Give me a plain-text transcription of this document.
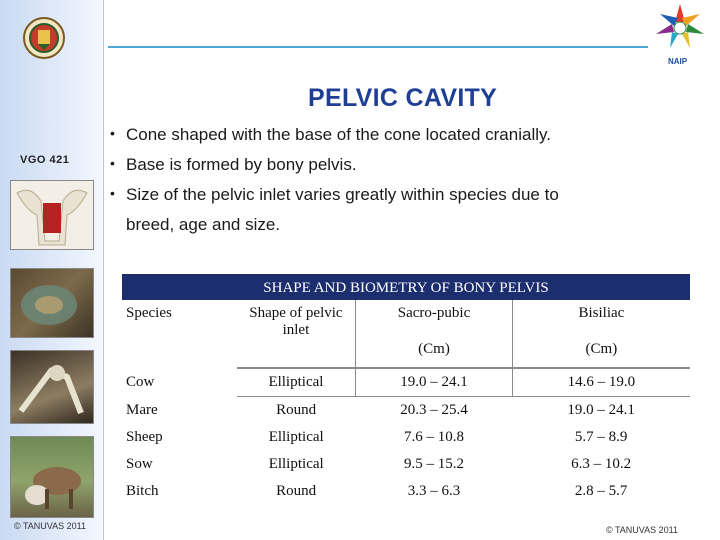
VGO 421
© TANUVAS 2011
NAIP
PELVIC CAVITY
• Cone shaped with the base of the cone located cranially.
• Base is formed by bony pelvis.
• Size of the pelvic inlet varies greatly within species due to
breed, age and size.
SHAPE AND BIOMETRY OF BONY PELVIS
Species	Shape of pelvic inlet	Sacro-pubic	Bisiliac
		(Cm)	(Cm)

Cow	Elliptical	19.0 – 24.1	14.6 – 19.0
Mare	Round	20.3 – 25.4	19.0 – 24.1
Sheep	Elliptical	7.6 – 10.8	5.7 – 8.9
Sow	Elliptical	9.5 – 15.2	6.3 – 10.2
Bitch	Round	3.3 – 6.3	2.8 – 5.7
© TANUVAS 2011
